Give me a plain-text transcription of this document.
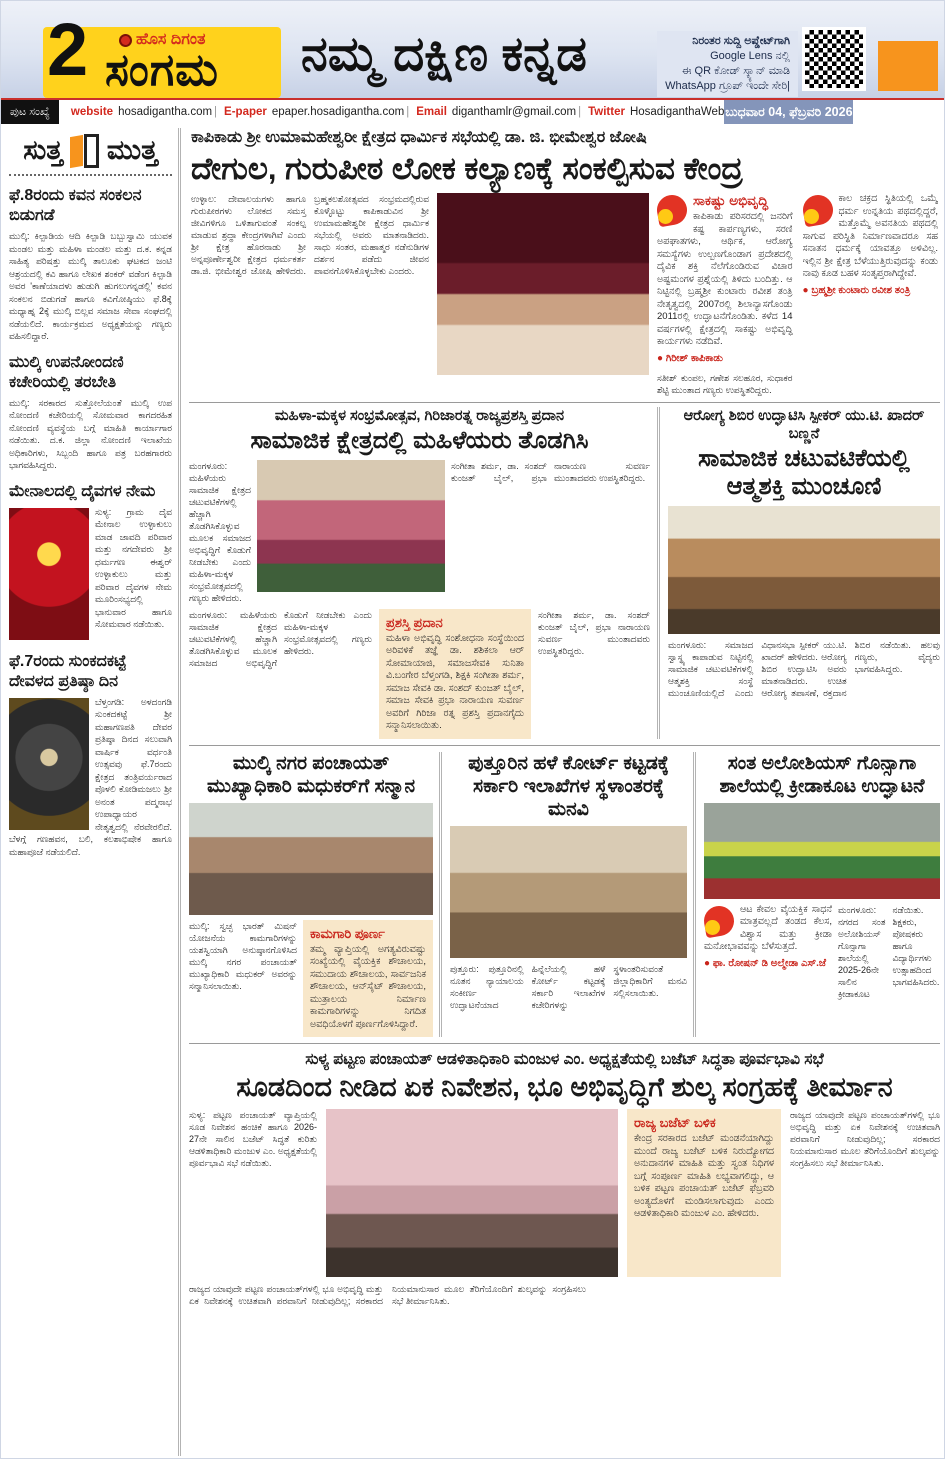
2	ಹೊಸ ದಿಗಂತ
ಸಂಗಮ ನಮ್ಮ ದಕ್ಷಿಣ ಕನ್ನಡ	ನಿರಂತರ ಸುದ್ದಿ ಅಪ್ಡೇಟ್‌ಗಾಗಿ
Google Lens ನಲ್ಲಿ
ಈ QR ಕೋಡ್ ಸ್ಕ್ಯಾನ್ ಮಾಡಿ
WhatsApp ಗ್ರೂಪ್ ಇಂದೇ ಸೇರಿ|
ಪುಟ ಸಂಖ್ಯೆ	website hosadigantha.com |	E-paper epaper.hosadigantha.com |	Email diganthamlr@gmail.com |	Twitter HosadiganthaWeb ಬುಧವಾರ 04, ಫೆಬ್ರವರಿ 2026
ಸುತ್ತ ಮುತ್ತ
ಫೆ.8ರಂದು ಕವನ ಸಂಕಲನ ಬಿಡುಗಡೆ
ಮುಲ್ಕಿ: ಕಿಲ್ಪಾಡಿಯ ಆದಿ ಕಿಲ್ಪಾಡಿ ಬಬ್ಬುಸ್ವಾಮಿ ಯುವಕ ಮಂಡಲ ಮತ್ತು ಮಹಿಳಾ ಮಂಡಲ ಮತ್ತು ದ.ಕ. ಕನ್ನಡ ಸಾಹಿತ್ಯ ಪರಿಷತ್ತು ಮುಲ್ಕಿ ತಾಲೂಕು ಘಟಕದ ಜಂಟಿ ಆಶ್ರಯದಲ್ಲಿ ಕವಿ ಹಾಗೂ ಲೇಖಕ ಶಂಕರ್ ವಡೆಂಗ ಕಿಲ್ಪಾಡಿ ಅವರ 'ಕಾಣೆಯಾದಳು ಹುಡುಗಿ ಹುಗಲುಗನ್ನಡಲ್ಲಿ' ಕವನ ಸಂಕಲನ ಬಿಡುಗಡೆ ಹಾಗೂ ಕವಿಗೋಷ್ಠಿಯು ಫೆ.8ಕ್ಕೆ ಮಧ್ಯಾಹ್ನ 2ಕ್ಕೆ ಮುಲ್ಕಿ ಬಿಲ್ಲವ ಸಮಾಜ ಸೇವಾ ಸಂಘದಲ್ಲಿ ನಡೆಯಲಿದೆ. ಕಾರ್ಯಕ್ರಮದ ಅಧ್ಯಕ್ಷತೆಯನ್ನು ಗಣ್ಯರು ವಹಿಸಲಿದ್ದಾರೆ.
ಮುಲ್ಕಿ ಉಪನೋಂದಣಿ ಕಚೇರಿಯಲ್ಲಿ ತರಬೇತಿ
ಮುಲ್ಕಿ: ಸರಕಾರದ ಸುತ್ತೋಲೆಯಂತೆ ಮುಲ್ಕಿ ಉಪ ನೋಂದಣಿ ಕಚೇರಿಯಲ್ಲಿ ಸೋಮವಾರ ಕಾಗದರಹಿತ ನೋಂದಣಿ ವ್ಯವಸ್ಥೆಯ ಬಗ್ಗೆ ಮಾಹಿತಿ ಕಾರ್ಯಾಗಾರ ನಡೆಯಿತು. ದ.ಕ. ಜಿಲ್ಲಾ ನೋಂದಣಿ ಇಲಾಖೆಯ ಅಧಿಕಾರಿಗಳು, ಸಿಬ್ಬಂದಿ ಹಾಗೂ ಪತ್ರ ಬರಹಗಾರರು ಭಾಗವಹಿಸಿದ್ದರು.
ಮೇನಾಲದಲ್ಲಿ ದೈವಗಳ ನೇಮ
ಸುಳ್ಯ: ಗ್ರಾಮ ದೈವ ಮೇನಾಲ ಉಳ್ಳಾಕುಲು ಮಾಡ ಜಾವದಿ ಪರಿವಾರ ಮತ್ತು ನಗದೇವರು ಶ್ರೀ ಧರ್ಮಗಣ ಈಶ್ವರ್ ಉಳ್ಳಾಕುಲು ಮತ್ತು ಪರಿವಾರ ದೈವಗಳ ನೇಮ ಮೂರಿಂಸಭ್ಯದಲ್ಲಿ ಭಾನುವಾರ ಹಾಗೂ ಸೋಮವಾರ ನಡೆಯಿತು.
ಫೆ.7ರಂದು ಸುಂಕದಕಟ್ಟೆ ದೇವಳದ ಪ್ರತಿಷ್ಠಾ ದಿನ
ಬೆಳ್ತಂಗಡಿ: ಅಳದಂಗಡಿ ಸುಂಕದಕಟ್ಟೆ ಶ್ರೀ ಮಹಾಗಣಪತಿ ದೇವರ ಪ್ರತಿಷ್ಠಾ ದಿನದ ಸಲುವಾಗಿ ವಾರ್ಷಿಕ ವರ್ಧಂತಿ ಉತ್ಸವವು ಫೆ.7ರಂದು ಕ್ಷೇತ್ರದ ತಂತ್ರಿವರ್ಯರಾದ ಪೊಳಲಿ ಕೋಡಿಮಜಲು ಶ್ರೀ ಅನಂತ ಪದ್ಮನಾಭ ಉಪಾಧ್ಯಾಯರ ನೇತೃತ್ವದಲ್ಲಿ ನೆರವೇರಲಿದೆ. ಬೆಳಗ್ಗೆ ಗಣಹವನ, ಬಲಿ, ಕಲಶಾಭಿಷೇಕ ಹಾಗೂ ಮಹಾಪೂಜೆ ನಡೆಯಲಿದೆ.
ಕಾಪಿಕಾಡು ಶ್ರೀ ಉಮಾಮಹೇಶ್ವರೀ ಕ್ಷೇತ್ರದ ಧಾರ್ಮಿಕ ಸಭೆಯಲ್ಲಿ ಡಾ. ಜಿ. ಭೀಮೇಶ್ವರ ಜೋಷಿ
ದೇಗುಲ, ಗುರುಪೀಠ ಲೋಕ ಕಲ್ಯಾಣಕ್ಕೆ ಸಂಕಲ್ಪಿಸುವ ಕೇಂದ್ರ
ಉಳ್ಳಾಲ: ದೇವಾಲಯಗಳು ಹಾಗೂ ಗುರುಪೀಠಗಳು ಲೋಕದ ಸಮಸ್ತ ಜೀವಿಗಳಿಗೂ ಒಳಿತಾಗುವಂತೆ ಸಂಕಲ್ಪ ಮಾಡುವ ಶ್ರದ್ಧಾ ಕೇಂದ್ರಗಳಾಗಿವೆ ಎಂದು ಶ್ರೀ ಕ್ಷೇತ್ರ ಹೊರನಾಡು ಶ್ರೀ ಅನ್ನಪೂರ್ಣೇಶ್ವರೀ ಕ್ಷೇತ್ರದ ಧರ್ಮಕರ್ತ ಡಾ.ಜಿ. ಭೀಮೇಶ್ವರ ಜೋಷಿ ಹೇಳಿದರು. ಬ್ರಹ್ಮಕಲಶೋತ್ಸವದ ಸಂಭ್ರಮದಲ್ಲಿರುವ ಕೊಳ್ಳೊಟ್ಟು ಕಾಪಿಕಾಡುವಿನ ಶ್ರೀ ಉಮಾಮಹೇಶ್ವರೀ ಕ್ಷೇತ್ರದ ಧಾರ್ಮಿಕ ಸಭೆಯಲ್ಲಿ ಅವರು ಮಾತನಾಡಿದರು. ಸಾಧು ಸಂತರ, ಮಹಾತ್ಮರ ನಡೆನುಡಿಗಳ ದರ್ಶನ ಪಡೆದು ಜೀವನ ಪಾವನಗೊಳಿಸಿಕೊಳ್ಳಬೇಕು ಎಂದರು.
ಸಾಕಷ್ಟು ಅಭಿವೃದ್ಧಿ
ಕಾಪಿಕಾಡು ಪರಿಸರದಲ್ಲಿ ಜನರಿಗೆ ಕಷ್ಟ ಕಾರ್ಪಣ್ಯಗಳು, ಸರಣಿ ಅಪಘಾತಗಳು, ಆರ್ಥಿಕ, ಆರೋಗ್ಯ ಸಮಸ್ಯೆಗಳು ಉಲ್ಬಣಗೊಂಡಾಗ ಪ್ರದೇಶದಲ್ಲಿ ದೈವಿಕ ಶಕ್ತಿ ನೆಲೆಗೊಂಡಿರುವ ವಿಚಾರ ಅಷ್ಟಮಂಗಳ ಪ್ರಶ್ನೆಯಲ್ಲಿ ತಿಳಿದು ಬಂದಿತ್ತು. ಆ ನಿಟ್ಟಿನಲ್ಲಿ ಬ್ರಹ್ಮಶ್ರೀ ಕುಂಟಾರು ರವೀಶ ತಂತ್ರಿ ನೇತೃತ್ವದಲ್ಲಿ 2007ರಲ್ಲಿ ಶಿಲಾನ್ಯಾಸಗೊಂಡು 2011ರಲ್ಲಿ ಉದ್ಘಾಟನೆಗೊಂಡಿತು. ಕಳೆದ 14 ವರ್ಷಗಳಲ್ಲಿ ಕ್ಷೇತ್ರದಲ್ಲಿ ಸಾಕಷ್ಟು ಅಭಿವೃದ್ಧಿ ಕಾರ್ಯಗಳು ನಡೆದಿವೆ.
● ಗಿರೀಶ್ ಕಾಪಿಕಾಡು
ಕಾಲ ಚಕ್ರದ ಸ್ಥಿತಿಯಲ್ಲಿ ಒಮ್ಮೆ ಧರ್ಮ ಉನ್ನತಿಯ ಪಥದಲ್ಲಿದ್ದರೆ, ಮತ್ತೊಮ್ಮೆ ಅವನತಿಯ ಪಥದಲ್ಲಿ ಸಾಗುವ ಪರಿಸ್ಥಿತಿ ನಿರ್ಮಾಣವಾದರೂ ಸಹ ಸನಾತನ ಧರ್ಮಕ್ಕೆ ಯಾವತ್ತೂ ಅಳಿವಿಲ್ಲ. ಇಲ್ಲಿನ ಶ್ರೀ ಕ್ಷೇತ್ರ ಬೆಳೆಯುತ್ತಿರುವುದನ್ನು ಕಂಡು ನಾವು ಕೂಡ ಬಹಳ ಸಂತೃಪ್ತರಾಗಿದ್ದೇವೆ.
● ಬ್ರಹ್ಮಶ್ರೀ ಕುಂಟಾರು ರವೀಶ ತಂತ್ರಿ
ಸತೀಶ್ ಕುಂಪಲ, ಗಣೇಶ ಸಲಹೂರ, ಸುಧಾಕರ ಶೆಟ್ಟಿ ಮುಂತಾದ ಗಣ್ಯರು ಉಪಸ್ಥಿತರಿದ್ದರು.
ಮಹಿಳಾ-ಮಕ್ಕಳ ಸಂಭ್ರಮೋತ್ಸವ, ಗಿರಿಜಾರತ್ನ ರಾಜ್ಯಪ್ರಶಸ್ತಿ ಪ್ರದಾನ
ಸಾಮಾಜಿಕ ಕ್ಷೇತ್ರದಲ್ಲಿ ಮಹಿಳೆಯರು ತೊಡಗಿಸಿ
ಮಂಗಳೂರು: ಮಹಿಳೆಯರು ಸಾಮಾಜಿಕ ಕ್ಷೇತ್ರದ ಚಟುವಟಿಕೆಗಳಲ್ಲಿ ಹೆಚ್ಚಾಗಿ ತೊಡಗಿಸಿಕೊಳ್ಳುವ ಮೂಲಕ ಸಮಾಜದ ಅಭಿವೃದ್ಧಿಗೆ ಕೊಡುಗೆ ನೀಡಬೇಕು ಎಂದು ಮಹಿಳಾ-ಮಕ್ಕಳ ಸಂಭ್ರಮೋತ್ಸವದಲ್ಲಿ ಗಣ್ಯರು ಹೇಳಿದರು.
ಸಂಗೀತಾ ಶರ್ಮ, ಡಾ. ಸಂಶದ್ ಕುಂಜತ್ ಬೈಲ್, ಪ್ರಭಾ ನಾರಾಯಣ ಸುವರ್ಣ ಮುಂತಾದವರು ಉಪಸ್ಥಿತರಿದ್ದರು.
ಮಂಗಳೂರು: ಮಹಿಳೆಯರು ಸಾಮಾಜಿಕ ಕ್ಷೇತ್ರದ ಚಟುವಟಿಕೆಗಳಲ್ಲಿ ಹೆಚ್ಚಾಗಿ ತೊಡಗಿಸಿಕೊಳ್ಳುವ ಮೂಲಕ ಸಮಾಜದ ಅಭಿವೃದ್ಧಿಗೆ ಕೊಡುಗೆ ನೀಡಬೇಕು ಎಂದು ಮಹಿಳಾ-ಮಕ್ಕಳ ಸಂಭ್ರಮೋತ್ಸವದಲ್ಲಿ ಗಣ್ಯರು ಹೇಳಿದರು.
ಪ್ರಶಸ್ತಿ ಪ್ರದಾನ
ಮಹಿಳಾ ಅಭಿವೃದ್ಧಿ ಸಂಶೋಧನಾ ಸಂಸ್ಥೆಯಿಂದ ಅರಿವಳಿಕೆ ತಜ್ಞೆ ಡಾ. ಶಶಿಕಲಾ ಆರ್ ಸೋಮಾಯಾಜಿ, ಸಮಾಜಸೇವಕಿ ಸುನಿತಾ ವಿ.ಬಂಗೇರ ಬೆಳ್ತಂಗಡಿ, ಶಿಕ್ಷಕಿ ಸಂಗೀತಾ ಶರ್ಮ, ಸಮಾಜ ಸೇವಕಿ ಡಾ. ಸಂಶದ್ ಕುಂಜತ್ ಬೈಲ್, ಸಮಾಜ ಸೇವಕಿ ಪ್ರಭಾ ನಾರಾಯಣ ಸುವರ್ಣ ಅವರಿಗೆ ಗಿರಿಜಾ ರತ್ನ ಪ್ರಶಸ್ತಿ ಪ್ರದಾನಗೈದು ಸನ್ಮಾನಿಸಲಾಯಿತು.
ಸಂಗೀತಾ ಶರ್ಮ, ಡಾ. ಸಂಶದ್ ಕುಂಜತ್ ಬೈಲ್, ಪ್ರಭಾ ನಾರಾಯಣ ಸುವರ್ಣ ಮುಂತಾದವರು ಉಪಸ್ಥಿತರಿದ್ದರು.
ಆರೋಗ್ಯ ಶಿಬಿರ ಉದ್ಘಾಟಿಸಿ ಸ್ಪೀಕರ್ ಯು.ಟಿ. ಖಾದರ್ ಬಣ್ಣನೆ
ಸಾಮಾಜಿಕ ಚಟುವಟಿಕೆಯಲ್ಲಿ ಆತ್ಮಶಕ್ತಿ ಮುಂಚೂಣಿ
ಮಂಗಳೂರು: ಸಮಾಜದ ಸ್ವಾಸ್ಥ್ಯ ಕಾಪಾಡುವ ನಿಟ್ಟಿನಲ್ಲಿ ಸಾಮಾಜಿಕ ಚಟುವಟಿಕೆಗಳಲ್ಲಿ ಆತ್ಮಶಕ್ತಿ ಸಂಸ್ಥೆ ಮುಂಚೂಣಿಯಲ್ಲಿದೆ ಎಂದು ವಿಧಾನಸಭಾ ಸ್ಪೀಕರ್ ಯು.ಟಿ. ಖಾದರ್ ಹೇಳಿದರು. ಆರೋಗ್ಯ ಶಿಬಿರ ಉದ್ಘಾಟಿಸಿ ಅವರು ಮಾತನಾಡಿದರು. ಉಚಿತ ಆರೋಗ್ಯ ತಪಾಸಣೆ, ರಕ್ತದಾನ ಶಿಬಿರ ನಡೆಯಿತು. ಹಲವು ಗಣ್ಯರು, ವೈದ್ಯರು ಭಾಗವಹಿಸಿದ್ದರು.
ಮುಲ್ಕಿ ನಗರ ಪಂಚಾಯತ್ ಮುಖ್ಯಾಧಿಕಾರಿ ಮಧುಕರ್‌ಗೆ ಸನ್ಮಾನ
ಮುಲ್ಕಿ: ಸ್ವಚ್ಛ ಭಾರತ್ ಮಿಷನ್ ಯೋಜನೆಯ ಕಾಮಗಾರಿಗಳನ್ನು ಯಶಸ್ವಿಯಾಗಿ ಅನುಷ್ಠಾನಗೊಳಿಸಿದ ಮುಲ್ಕಿ ನಗರ ಪಂಚಾಯತ್ ಮುಖ್ಯಾಧಿಕಾರಿ ಮಧುಕರ್ ಅವರನ್ನು ಸನ್ಮಾನಿಸಲಾಯಿತು.
ಕಾಮಗಾರಿ ಪೂರ್ಣ
ತಮ್ಮ ವ್ಯಾಪ್ತಿಯಲ್ಲಿ ಅಗತ್ಯವಿರುವಷ್ಟು ಸಂಖ್ಯೆಯಲ್ಲಿ ವೈಯಕ್ತಿಕ ಶೌಚಾಲಯ, ಸಮುದಾಯ ಶೌಚಾಲಯ, ಸಾರ್ವಜನಿಕ ಶೌಚಾಲಯ, ಆನ್‌ಸೈಟ್ ಶೌಚಾಲಯ, ಮುತ್ರಾಲಯ ನಿರ್ಮಾಣ ಕಾಮಗಾರಿಗಳನ್ನು ನಿಗದಿತ ಅವಧಿಯೊಳಗೆ ಪೂರ್ಣಗೊಳಿಸಿದ್ದಾರೆ.
ಪುತ್ತೂರಿನ ಹಳೆ ಕೋರ್ಟ್ ಕಟ್ಟಡಕ್ಕೆ ಸರ್ಕಾರಿ ಇಲಾಖೆಗಳ ಸ್ಥಳಾಂತರಕ್ಕೆ ಮನವಿ
ಪುತ್ತೂರು: ಪುತ್ತೂರಿನಲ್ಲಿ ನೂತನ ನ್ಯಾಯಾಲಯ ಸಂಕೀರ್ಣ ಉದ್ಘಾಟನೆಯಾದ ಹಿನ್ನೆಲೆಯಲ್ಲಿ ಹಳೆ ಕೋರ್ಟ್ ಕಟ್ಟಡಕ್ಕೆ ಸರ್ಕಾರಿ ಇಲಾಖೆಗಳ ಕಚೇರಿಗಳನ್ನು ಸ್ಥಳಾಂತರಿಸುವಂತೆ ಜಿಲ್ಲಾಧಿಕಾರಿಗೆ ಮನವಿ ಸಲ್ಲಿಸಲಾಯಿತು.
ಸಂತ ಅಲೋಶಿಯಸ್ ಗೊನ್ಸಾಗಾ ಶಾಲೆಯಲ್ಲಿ ಕ್ರೀಡಾಕೂಟ ಉದ್ಘಾಟನೆ
ಆಟ ಕೇವಲ ವೈಯಕ್ತಿಕ ಸಾಧನೆ ಮಾತ್ರವಲ್ಲದೆ ತಂಡದ ಕೆಲಸ, ವಿಶ್ವಾಸ ಮತ್ತು ಕ್ರೀಡಾ ಮನೋಭಾವವನ್ನು ಬೆಳೆಸುತ್ತದೆ.
● ಫಾ. ರೋಷನ್ ಡಿ ಅಲ್ಮೇಡಾ ಎಸ್.ಜೆ
ಮಂಗಳೂರು: ನಗರದ ಸಂತ ಅಲೋಶಿಯಸ್ ಗೊನ್ಸಾಗಾ ಶಾಲೆಯಲ್ಲಿ 2025-26ನೇ ಸಾಲಿನ ಕ್ರೀಡಾಕೂಟ ನಡೆಯಿತು. ಶಿಕ್ಷಕರು, ಪೋಷಕರು ಹಾಗೂ ವಿದ್ಯಾರ್ಥಿಗಳು ಉತ್ಸಾಹದಿಂದ ಭಾಗವಹಿಸಿದರು.
ಸುಳ್ಯ ಪಟ್ಟಣ ಪಂಚಾಯತ್ ಆಡಳಿತಾಧಿಕಾರಿ ಮಂಜುಳ ಎಂ. ಅಧ್ಯಕ್ಷತೆಯಲ್ಲಿ ಬಜೆಟ್ ಸಿದ್ಧತಾ ಪೂರ್ವಭಾವಿ ಸಭೆ
ಸೂಡದಿಂದ ನೀಡಿದ ಏಕ ನಿವೇಶನ, ಭೂ ಅಭಿವೃದ್ಧಿಗೆ ಶುಲ್ಕ ಸಂಗ್ರಹಕ್ಕೆ ತೀರ್ಮಾನ
ಸುಳ್ಯ: ಪಟ್ಟಣ ಪಂಚಾಯತ್ ವ್ಯಾಪ್ತಿಯಲ್ಲಿ ಸೂಡ ನಿವೇಶನ ಹಂಚಿಕೆ ಹಾಗೂ 2026-27ನೇ ಸಾಲಿನ ಬಜೆಟ್ ಸಿದ್ಧತೆ ಕುರಿತು ಆಡಳಿತಾಧಿಕಾರಿ ಮಂಜುಳ ಎಂ. ಅಧ್ಯಕ್ಷತೆಯಲ್ಲಿ ಪೂರ್ವಭಾವಿ ಸಭೆ ನಡೆಯಿತು.
ರಾಜ್ಯ ಬಜೆಟ್ ಬಳಿಕ
ಕೇಂದ್ರ ಸರಕಾರದ ಬಜೆಟ್ ಮಂಡನೆಯಾಗಿದ್ದು ಮುಂದೆ ರಾಜ್ಯ ಬಜೆಟ್ ಬಳಿಕ ನಿರುದ್ಯೋಗದ ಅನುದಾನಗಳ ಮಾಹಿತಿ ಮತ್ತು ಸ್ವಂತ ನಿಧಿಗಳ ಬಗ್ಗೆ ಸಂಪೂರ್ಣ ಮಾಹಿತಿ ಲಭ್ಯವಾಗಲಿದ್ದು, ಆ ಬಳಿಕ ಪಟ್ಟಣ ಪಂಚಾಯತ್ ಬಜೆಟ್ ಫೆಬ್ರವರಿ ಅಂತ್ಯದೊಳಗೆ ಮಂಡಿಸಲಾಗುವುದು ಎಂದು ಆಡಳಿತಾಧಿಕಾರಿ ಮಂಜುಳ ಎಂ. ಹೇಳಿದರು.
ರಾಜ್ಯದ ಯಾವುದೇ ಪಟ್ಟಣ ಪಂಚಾಯತ್‌ಗಳಲ್ಲಿ ಭೂ ಅಭಿವೃದ್ಧಿ ಮತ್ತು ಏಕ ನಿವೇಶನಕ್ಕೆ ಉಚಿತವಾಗಿ ಪರವಾನಿಗೆ ನೀಡುವುದಿಲ್ಲ; ಸರಕಾರದ ನಿಯಮಾನುಸಾರ ಮೂಲ ತೆರಿಗೆಯೊಂದಿಗೆ ಶುಲ್ಕವನ್ನು ಸಂಗ್ರಹಿಸಲು ಸಭೆ ತೀರ್ಮಾನಿಸಿತು.
ರಾಜ್ಯದ ಯಾವುದೇ ಪಟ್ಟಣ ಪಂಚಾಯತ್‌ಗಳಲ್ಲಿ ಭೂ ಅಭಿವೃದ್ಧಿ ಮತ್ತು ಏಕ ನಿವೇಶನಕ್ಕೆ ಉಚಿತವಾಗಿ ಪರವಾನಿಗೆ ನೀಡುವುದಿಲ್ಲ; ಸರಕಾರದ ನಿಯಮಾನುಸಾರ ಮೂಲ ತೆರಿಗೆಯೊಂದಿಗೆ ಶುಲ್ಕವನ್ನು ಸಂಗ್ರಹಿಸಲು ಸಭೆ ತೀರ್ಮಾನಿಸಿತು.
